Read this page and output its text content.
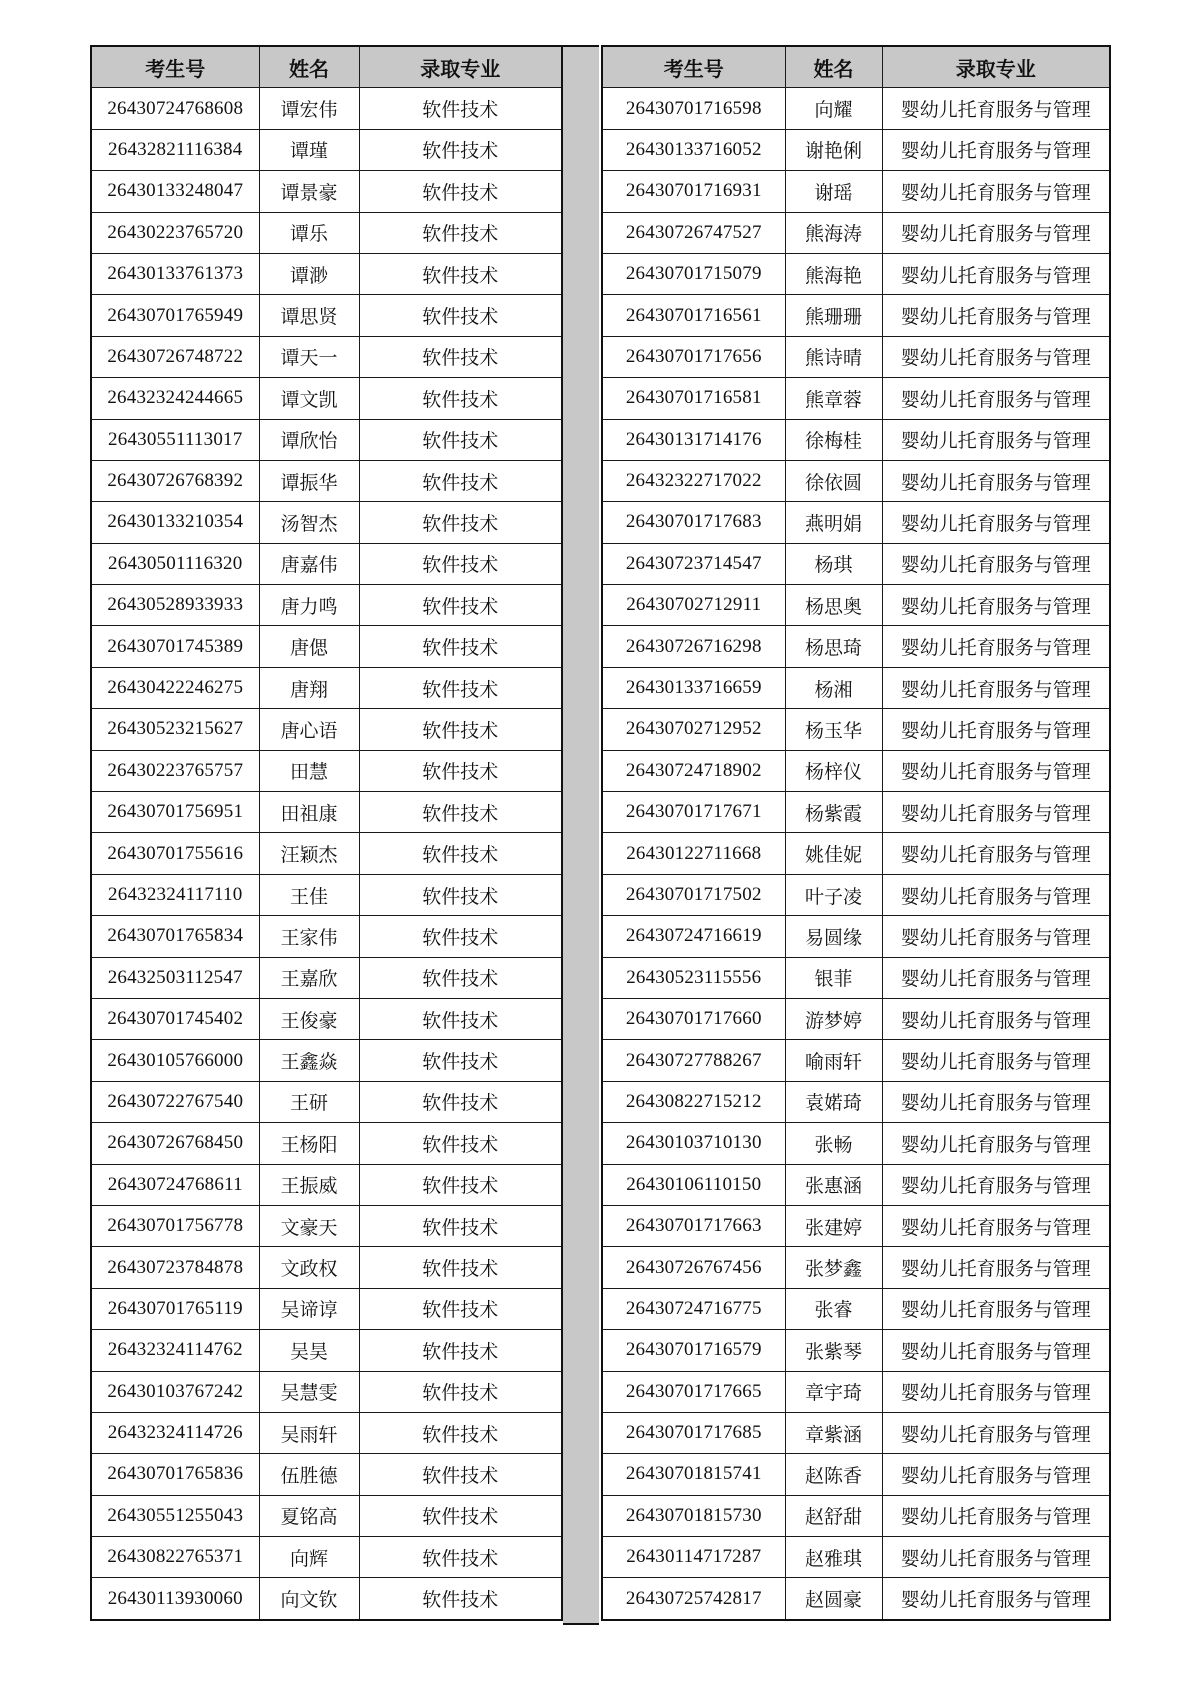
考生号	姓名	录取专业
26430724768608	谭宏伟	软件技术
26432821116384	谭瑾	软件技术
26430133248047	谭景豪	软件技术
26430223765720	谭乐	软件技术
26430133761373	谭渺	软件技术
26430701765949	谭思贤	软件技术
26430726748722	谭天一	软件技术
26432324244665	谭文凯	软件技术
26430551113017	谭欣怡	软件技术
26430726768392	谭振华	软件技术
26430133210354	汤智杰	软件技术
26430501116320	唐嘉伟	软件技术
26430528933933	唐力鸣	软件技术
26430701745389	唐偲	软件技术
26430422246275	唐翔	软件技术
26430523215627	唐心语	软件技术
26430223765757	田慧	软件技术
26430701756951	田祖康	软件技术
26430701755616	汪颖杰	软件技术
26432324117110	王佳	软件技术
26430701765834	王家伟	软件技术
26432503112547	王嘉欣	软件技术
26430701745402	王俊豪	软件技术
26430105766000	王鑫焱	软件技术
26430722767540	王研	软件技术
26430726768450	王杨阳	软件技术
26430724768611	王振威	软件技术
26430701756778	文豪天	软件技术
26430723784878	文政权	软件技术
26430701765119	吴谛谆	软件技术
26432324114762	吴昊	软件技术
26430103767242	吴慧雯	软件技术
26432324114726	吴雨轩	软件技术
26430701765836	伍胜德	软件技术
26430551255043	夏铭高	软件技术
26430822765371	向辉	软件技术
26430113930060	向文钦	软件技术
考生号	姓名	录取专业
26430701716598	向耀	婴幼儿托育服务与管理
26430133716052	谢艳俐	婴幼儿托育服务与管理
26430701716931	谢瑶	婴幼儿托育服务与管理
26430726747527	熊海涛	婴幼儿托育服务与管理
26430701715079	熊海艳	婴幼儿托育服务与管理
26430701716561	熊珊珊	婴幼儿托育服务与管理
26430701717656	熊诗晴	婴幼儿托育服务与管理
26430701716581	熊章蓉	婴幼儿托育服务与管理
26430131714176	徐梅桂	婴幼儿托育服务与管理
26432322717022	徐依圆	婴幼儿托育服务与管理
26430701717683	燕明娟	婴幼儿托育服务与管理
26430723714547	杨琪	婴幼儿托育服务与管理
26430702712911	杨思奥	婴幼儿托育服务与管理
26430726716298	杨思琦	婴幼儿托育服务与管理
26430133716659	杨湘	婴幼儿托育服务与管理
26430702712952	杨玉华	婴幼儿托育服务与管理
26430724718902	杨梓仪	婴幼儿托育服务与管理
26430701717671	杨紫霞	婴幼儿托育服务与管理
26430122711668	姚佳妮	婴幼儿托育服务与管理
26430701717502	叶子凌	婴幼儿托育服务与管理
26430724716619	易圆缘	婴幼儿托育服务与管理
26430523115556	银菲	婴幼儿托育服务与管理
26430701717660	游梦婷	婴幼儿托育服务与管理
26430727788267	喻雨轩	婴幼儿托育服务与管理
26430822715212	袁婼琦	婴幼儿托育服务与管理
26430103710130	张畅	婴幼儿托育服务与管理
26430106110150	张惠涵	婴幼儿托育服务与管理
26430701717663	张建婷	婴幼儿托育服务与管理
26430726767456	张梦鑫	婴幼儿托育服务与管理
26430724716775	张睿	婴幼儿托育服务与管理
26430701716579	张紫琴	婴幼儿托育服务与管理
26430701717665	章宇琦	婴幼儿托育服务与管理
26430701717685	章紫涵	婴幼儿托育服务与管理
26430701815741	赵陈香	婴幼儿托育服务与管理
26430701815730	赵舒甜	婴幼儿托育服务与管理
26430114717287	赵雅琪	婴幼儿托育服务与管理
26430725742817	赵圆豪	婴幼儿托育服务与管理
